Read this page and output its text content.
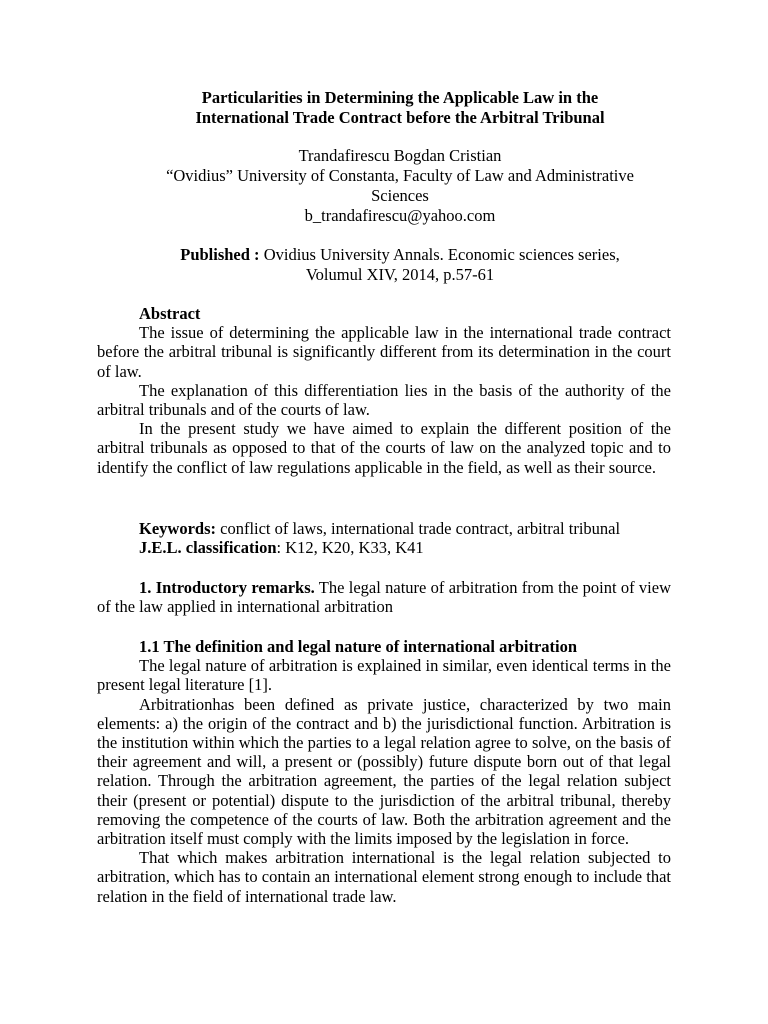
Particularities in Determining the Applicable Law in the
International Trade Contract before the Arbitral Tribunal
Trandafirescu Bogdan Cristian
“Ovidius” University of Constanta, Faculty of Law and Administrative
Sciences
b_trandafirescu@yahoo.com
Published : Ovidius University Annals. Economic sciences series,
Volumul XIV, 2014, p.57-61

Abstract

The issue of determining the applicable law in the international trade contract before the arbitral tribunal is significantly different from its determination in the court of law.

The explanation of this differentiation lies in the basis of the authority of the arbitral tribunals and of the courts of law.

In the present study we have aimed to explain the different position of the arbitral tribunals as opposed to that of the courts of law on the analyzed topic and to identify the conflict of law regulations applicable in the field, as well as their source.

Keywords: conflict of laws, international trade contract, arbitral tribunal

J.E.L. classification: K12, K20, K33, K41

1. Introductory remarks. The legal nature of arbitration from the point of view of the law applied in international arbitration

1.1 The definition and legal nature of international arbitration

The legal nature of arbitration is explained in similar, even identical terms in the present legal literature [1].

Arbitrationhas been defined as private justice, characterized by two main elements: a) the origin of the contract and b) the jurisdictional function. Arbitration is the institution within which the parties to a legal relation agree to solve, on the basis of their agreement and will, a present or (possibly) future dispute born out of that legal relation. Through the arbitration agreement, the parties of the legal relation subject their (present or potential) dispute to the jurisdiction of the arbitral tribunal, thereby removing the competence of the courts of law. Both the arbitration agreement and the arbitration itself must comply with the limits imposed by the legislation in force.

That which makes arbitration international is the legal relation subjected to arbitration, which has to contain an international element strong enough to include that relation in the field of international trade law.
